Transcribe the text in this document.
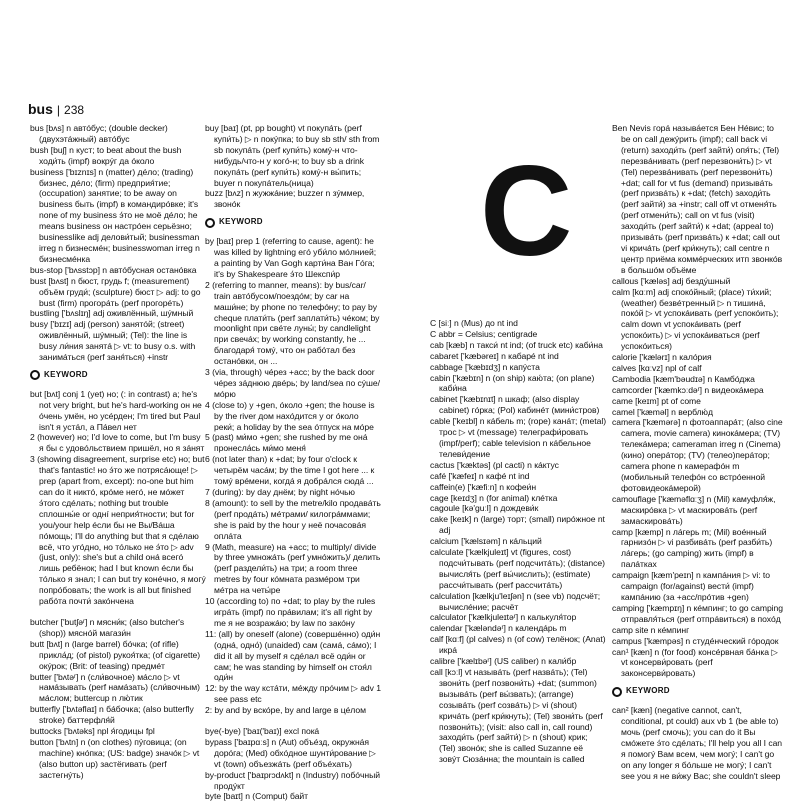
bus | 238
C
bus [bʌs] n автóбус; (double decker) (двухэтáжный) автóбус
bush [buʃ] n куст; to beat about the bush ходи́ть (impf) вокрýг да óколо
business ['bɪznɪs] n (matter) дéло; (trading) бизнес, дéло; (firm) предприя́тие; (occupation) занятие; to be away on business быть (impf) в командирóвке; it's none of my business э́то не моё дéло; he means business он настрóен серьёзно; businesslike adj делови́тый; businessman irreg n бизнесмéн; businesswoman irreg n бизнесмéнка
bus-stop ['bʌsstɔp] n автóбусная останóвка
bust [bʌst] n бюст, грудь f; (measurement) объём груди́; (sculpture) бюст ▷ adj: to go bust (firm) прогорáть (perf прогорéть)
bustling ['bʌslɪŋ] adj оживлённый, шýмный
busy ['bɪzɪ] adj (person) занятóй; (street) оживлённый, шýмный; (Tel): the line is busy ли́ния занятá ▷ vt: to busy o.s. with занимáться (perf заня́ться) +instr
KEYWORD
but [bʌt] conj 1 (yet) но; (: in contrast) а; he's not very bright, but he's hard-working он не óчень умён, но усéрден; I'm tired but Paul isn't я устáл, а Пáвел нет
2 (however) но; I'd love to come, but I'm busy я бы с удовóльствием пришёл, но я зáнят
3 (showing disagreement, surprise etc) но; but that's fantastic! но э́то же потрясáюще! ▷ prep (apart from, except): no-one but him can do it никтó, крóме негó, не мóжет э́того сдéлать; nothing but trouble сплошны́е or однí неприя́тности; but for you/your help éсли бы не Вы/Вáша пóмощь; I'll do anything but that я сдéлаю всё, что угóдно, но тóлько не э́то ▷ adv (just, only): she's but a child онá всегó лишь ребёнок; had I but known éсли бы тóлько я знал; I can but try конéчно, я могý попрóбовать; the work is all but finished рабóта почти́ закóнчена
butcher ['butʃəʳ] n мясни́к; (also butcher's (shop)) мяснóй магази́н
butt [bʌt] n (large barrel) бóчка; (of rifle) прикла́д; (of pistol) рукоя́тка; (of cigarette) окýрок; (Brit: of teasing) предмéт
butter ['bʌtəʳ] n (сли́вочное) мáсло ▷ vt намáзывать (perf намáзать) (сли́вочным) мáслом; buttercup n лю́тик
butterfly ['bʌtəflaɪ] n бáбочка; (also butterfly stroke) баттерфля́й
buttocks ['bʌtəks] npl я́годицы fpl
button ['bʌtn] n (on clothes) пýговица; (on machine) кнóпка; (US: badge) значóк ▷ vt (also button up) застёгивать (perf застегнýть)
buy [baɪ] (pt, pp bought) vt покупáть (perf купи́ть) ▷ n покýпка; to buy sb sth/ sth from sb покупáть (perf купи́ть) комý-н что-нибудь/что-н у когó-н; to buy sb a drink покупáть (perf купи́ть) комý-н вы́пить; buyer n покупáтель(ница)
buzz [bʌz] n жужжáние; buzzer n зýммер, звонóк
KEYWORD
by [baɪ] prep 1 (referring to cause, agent): he was killed by lightning егó уби́ло мóлнией; a painting by Van Gogh карти́на Ван Гóга; it's by Shakespeare э́то Шекспи́р
2 (referring to manner, means): by bus/car/ train автóбусом/поездóм; by car на маши́не; by phone по телефóну; to pay by cheque плати́ть (perf заплати́ть) чéком; by moonlight при свéте луны́; by candlelight при свечáх; by working constantly, he ... благодаря́ томý, что он рабóтал без останóвки, он ...
3 (via, through) чéрез +acc; by the back door чéрез зáднюю двéрь; by land/sea по сýше/мóрю
4 (close to) у +gen, óколо +gen; the house is by the river дом нахóдится у or óколо реки́; a holiday by the sea óтпуск на мóре
5 (past) ми́мо +gen; she rushed by me онá пронесла́сь ми́мо меня́
6 (not later than) к +dat; by four o'clock к четырём часáм; by the time I got here ... к томý врéмени, когдá я добрáлся сюдá ...
7 (during): by day днём; by night нóчью
8 (amount): to sell by the metre/kilo продавáть (perf продáть) мéтрами/ килогрáммами; she is paid by the hour у неё почасовáя оплáта
9 (Math, measure) на +acc; to multiply/ divide by three умножáть (perf умнóжить)/ делить (perf раздели́ть) на три; a room three metres by four кóмната размéром три мéтра на четы́ре
10 (according to) по +dat; to play by the rules игрáть (impf) по прáвилам; it's all right by me я не возражáю; by law по закóну
11: (all) by oneself (alone) (совершéнно) оди́н (однá, одно́) (unaided) сам (самá, сáмо); I did it all by myself я сдéлал всё оди́н or сам; he was standing by himself он стоя́л оди́н
12: by the way кстáти, мéжду прóчим ▷ adv 1 see pass etc
2: by and by вскóре, by and large в цéлом
bye(-bye) ['baɪ('baɪ)] excl покá
bypass ['baɪpɑːs] n (Aut) объéзд, окружнáя дорóга; (Med) обхóдное шунти́рование ▷ vt (town) объезжáть (perf объéхать)
by-product ['baɪprɔdʌkt] n (Industry) побóчный продýкт
byte [baɪt] n (Comput) байт
C [siː] n (Mus) до nt ind
C abbr = Celsius; centigrade
cab [kæb] n такси́ nt ind; (of truck etc) каби́на
cabaret ['kæbəreɪ] n кабарé nt ind
cabbage ['kæbɪdʒ] n капýста
cabin ['kæbɪn] n (on ship) каю́та; (on plane) каби́на
cabinet ['kæbɪnɪt] n шкаф; (also display cabinet) гóрка; (Pol) кабинéт (мини́стров)
cable ['keɪbl] n кáбель m; (rope) канáт; (metal) трос ▷ vt (message) телеграфи́ровать (impf/perf); cable television n кáбельное телеви́дение
cactus ['kæktəs] (pl cacti) n кáктус
café ['kæfeɪ] n кафé nt ind
caffein(e) ['kæfiːn] n кофеи́н
cage [keɪdʒ] n (for animal) клéтка
cagoule [kə'guːl] n дождеви́к
cake [keɪk] n (large) торт; (small) пирóжное nt adj
calcium ['kælsɪəm] n кáльций
calculate ['kælkjuleɪt] vt (figures, cost) подсчи́тывать (perf подсчитáть); (distance) вычисля́ть (perf вы́числить); (estimate) рассчи́тывать (perf рассчитáть)
calculation [kælkju'leɪʃən] n (see vb) подсчёт; вычислéние; расчёт
calculator ['kælkjuleɪtəʳ] n калькуля́тор
calendar ['kæləndəʳ] n календáрь m
calf [kɑːf] (pl calves) n (of cow) телёнок; (Anat) икрá
calibre ['kælɪbəʳ] (US caliber) n кали́бр
call [kɔːl] vt назывáть (perf назвáть); (Tel) звони́ть (perf позвони́ть) +dat; (summon) вызывáть (perf вы́звать); (arrange) созывáть (perf созвáть) ▷ vi (shout) кричáть (perf кри́кнуть); (Tel) звони́ть (perf позвони́ть); (visit: also call in, call round) заходи́ть (perf зайти́) ▷ n (shout) крик; (Tel) звонóк; she is called Suzanne её зовýт Сюзáнна; the mountain is called
Ben Nevis горá называ́ется Бен Нéвис; to be on call дежýрить (impf); call back vi (return) заходи́ть (perf зайти́) опя́ть; (Tel) перезвáнивать (perf перезвони́ть) ▷ vt (Tel) перезвáнивать (perf перезвони́ть) +dat; call for vt fus (demand) призывáть (perf призвáть) к +dat; (fetch) заходи́ть (perf зайти́) за +instr; call off vt отменя́ть (perf отмени́ть); call on vt fus (visit) заходи́ть (perf зайти́) к +dat; (appeal to) призывáть (perf призвáть) к +dat; call out vi кричáть (perf кри́кнуть); call centre n центр приёма коммéрческих итп звонкóв в большóм объёме
callous ['kæləs] adj безду́шный
calm [kɑːm] adj спокóйный; (place) ти́хий; (weather) безвéтренный ▷ n тишинá, покóй ▷ vt успокáивать (perf успокóить); calm down vt успокáивать (perf успокóить) ▷ vi успокáиваться (perf успокóиться)
calorie ['kælərɪ] n калóрия
calves [kɑːvz] npl of calf
Cambodia [kæm'bəudɪə] n Камбóджа
camcorder ['kæmkɔːdəʳ] n видеокáмера
came [keɪm] pt of come
camel ['kæməl] n верблю́д
camera ['kæmərə] n фотоаппарáт; (also cine camera, movie camera) кинокáмера; (TV) телекáмера; cameraman irreg n (Cinema) (кино) оперáтор; (TV) (телео)перáтор; camera phone n камерафóн m (мобильный телефóн со встрóенной фотовидеокáмерой)
camouflage ['kæməflɑːʒ] n (Mil) камуфля́ж, маскирóвка ▷ vt маскировáть (perf замаскировáть)
camp [kæmp] n лáгерь m; (Mil) воéнный гарнизóн ▷ vi разбивáть (perf разби́ть) лáгерь; (go camping) жить (impf) в палáтках
campaign [kæm'peɪn] n кампáния ▷ vi: to campaign (for/against) вести́ (impf) кампáнию (за +acc/прóтив +gen)
camping ['kæmpɪŋ] n кéмпинг; to go camping отправля́ться (perf отпрáвиться) в похóд
camp site n кéмпинг
campus ['kæmpəs] n студéнческий гóродок
can¹ [kæn] n (for food) консéрвная бáнка ▷ vt консерви́ровать (perf законсерви́ровать)
KEYWORD
can² [kæn] (negative cannot, can't, conditional, pt could) aux vb 1 (be able to) мочь (perf смочь); you can do it Вы смóжете э́то сдéлать; I'll help you all I can я помогý Вам всем, чем могý; I can't go on any longer я бóльше не могý; I can't see you я не ви́жу Вас; she couldn't sleep
